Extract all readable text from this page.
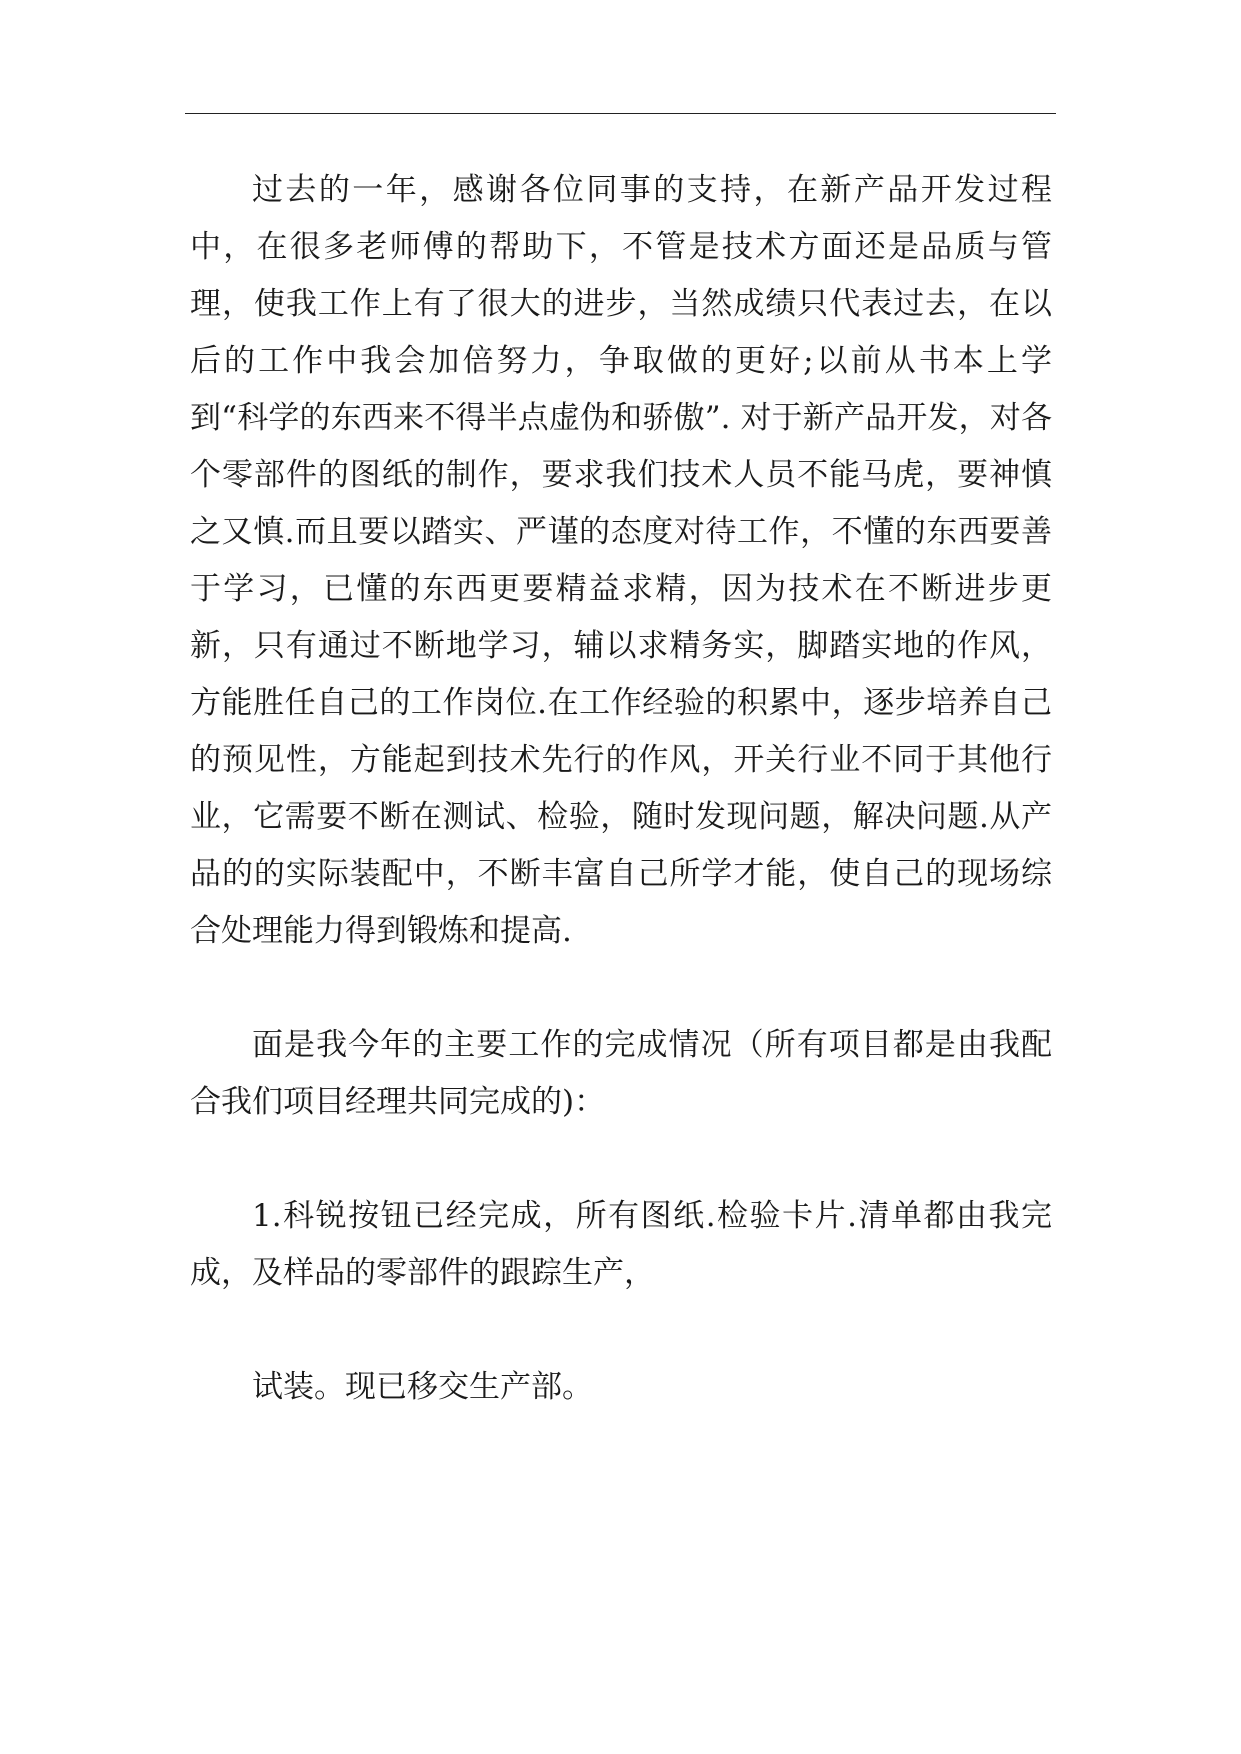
过去的一年，感谢各位同事的支持，在新产品开发过程中，在很多老师傅的帮助下，不管是技术方面还是品质与管理，使我工作上有了很大的进步，当然成绩只代表过去，在以后的工作中我会加倍努力，争取做的更好;以前从书本上学到“科学的东西来不得半点虚伪和骄傲”. 对于新产品开发，对各个零部件的图纸的制作，要求我们技术人员不能马虎，要神慎之又慎.而且要以踏实、严谨的态度对待工作，不懂的东西要善于学习，已懂的东西更要精益求精，因为技术在不断进步更新，只有通过不断地学习，辅以求精务实，脚踏实地的作风，方能胜任自己的工作岗位.在工作经验的积累中，逐步培养自己的预见性，方能起到技术先行的作风，开关行业不同于其他行业，它需要不断在测试、检验，随时发现问题，解决问题.从产品的的实际装配中，不断丰富自己所学才能，使自己的现场综合处理能力得到锻炼和提高.

面是我今年的主要工作的完成情况（所有项目都是由我配合我们项目经理共同完成的)：

1.科锐按钮已经完成，所有图纸.检验卡片.清单都由我完成，及样品的零部件的跟踪生产，

试装。现已移交生产部。
